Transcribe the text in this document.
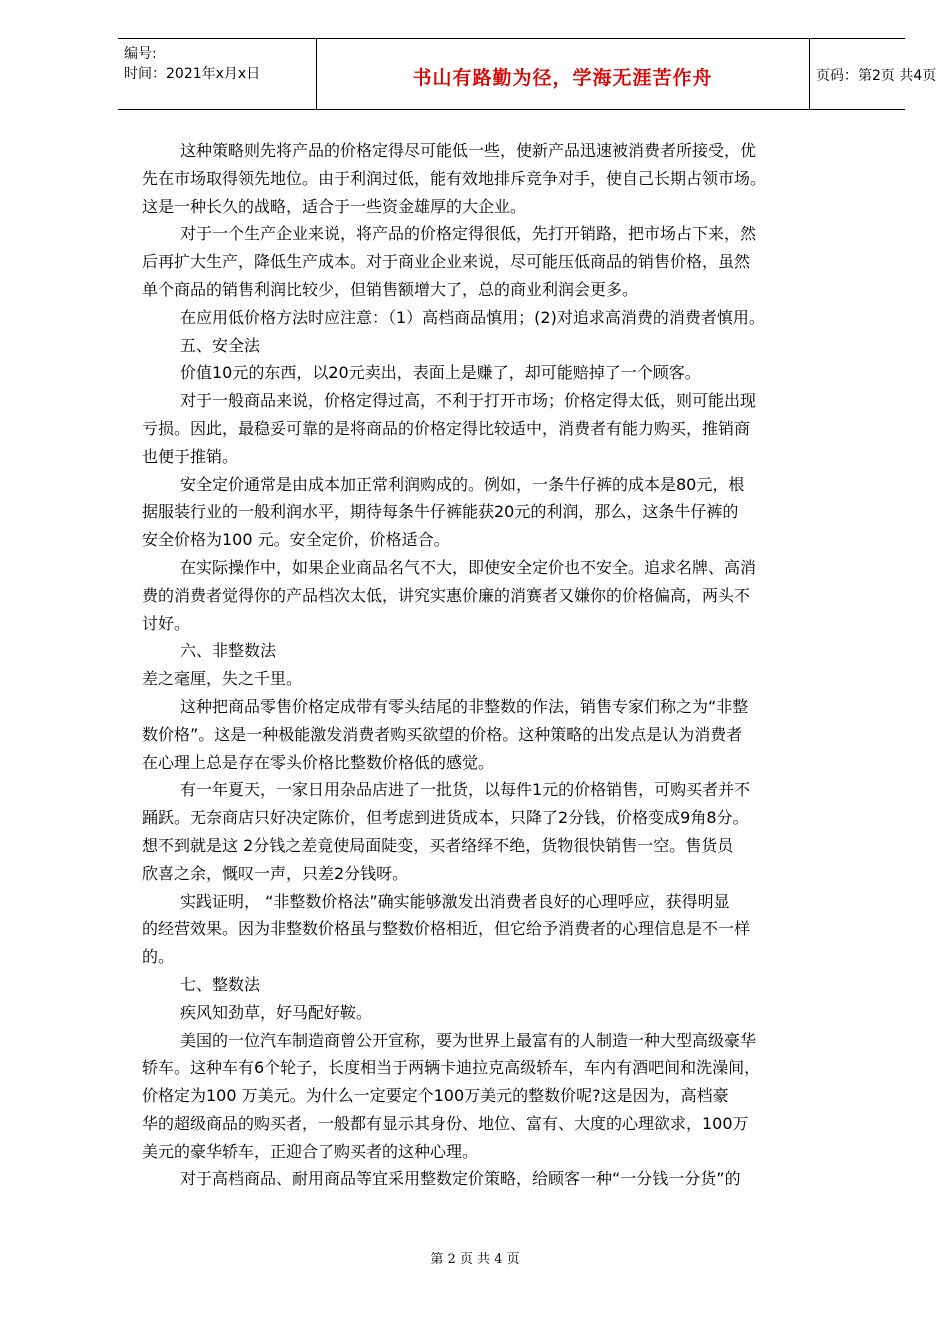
编号:
时间：2021年x月x日	书山有路勤为径，学海无涯苦作舟	页码：第2页 共4页
这种策略则先将产品的价格定得尽可能低一些，使新产品迅速被消费者所接受，优
先在市场取得领先地位。由于利润过低，能有效地排斥竞争对手，使自己长期占领市场。
这是一种长久的战略，适合于一些资金雄厚的大企业。
对于一个生产企业来说，将产品的价格定得很低，先打开销路，把市场占下来，然
后再扩大生产，降低生产成本。对于商业企业来说，尽可能压低商品的销售价格，虽然
单个商品的销售利润比较少，但销售额增大了，总的商业利润会更多。
在应用低价格方法时应注意：（1）高档商品慎用；(2)对追求高消费的消费者慎用。
五、安全法
价值10元的东西，以20元卖出，表面上是赚了，却可能赔掉了一个顾客。
对于一般商品来说，价格定得过高，不利于打开市场；价格定得太低，则可能出现
亏损。因此，最稳妥可靠的是将商品的价格定得比较适中，消费者有能力购买，推销商
也便于推销。
安全定价通常是由成本加正常利润购成的。例如，一条牛仔裤的成本是80元，根
据服装行业的一般利润水平，期待每条牛仔裤能获20元的利润，那么，这条牛仔裤的
安全价格为100 元。安全定价，价格适合。
在实际操作中，如果企业商品名气不大，即使安全定价也不安全。追求名牌、高消
费的消费者觉得你的产品档次太低，讲究实惠价廉的消赛者又嫌你的价格偏高，两头不
讨好。
六、非整数法
差之毫厘，失之千里。
这种把商品零售价格定成带有零头结尾的非整数的作法，销售专家们称之为“非整
数价格”。这是一种极能激发消费者购买欲望的价格。这种策略的出发点是认为消费者
在心理上总是存在零头价格比整数价格低的感觉。
有一年夏天，一家日用杂品店进了一批货，以每件1元的价格销售，可购买者并不
踊跃。无奈商店只好决定陈价，但考虑到进货成本，只降了2分钱，价格变成9角8分。
想不到就是这 2分钱之差竟使局面陡变，买者络绎不绝，货物很快销售一空。售货员
欣喜之余，慨叹一声，只差2分钱呀。
实践证明， “非整数价格法”确实能够激发出消费者良好的心理呼应，获得明显
的经营效果。因为非整数价格虽与整数价格相近，但它给予消费者的心理信息是不一样
的。
七、整数法
疾风知劲草，好马配好鞍。
美国的一位汽车制造商曾公开宣称，要为世界上最富有的人制造一种大型高级豪华
轿车。这种车有6个轮子，长度相当于两辆卡迪拉克高级轿车，车内有酒吧间和洗澡间，
价格定为100 万美元。为什么一定要定个100万美元的整数价呢?这是因为，高档豪
华的超级商品的购买者，一般都有显示其身份、地位、富有、大度的心理欲求，100万
美元的豪华轿车，正迎合了购买者的这种心理。
对于高档商品、耐用商品等宜采用整数定价策略，给顾客一种“一分钱一分货”的
第 2 页 共 4 页
